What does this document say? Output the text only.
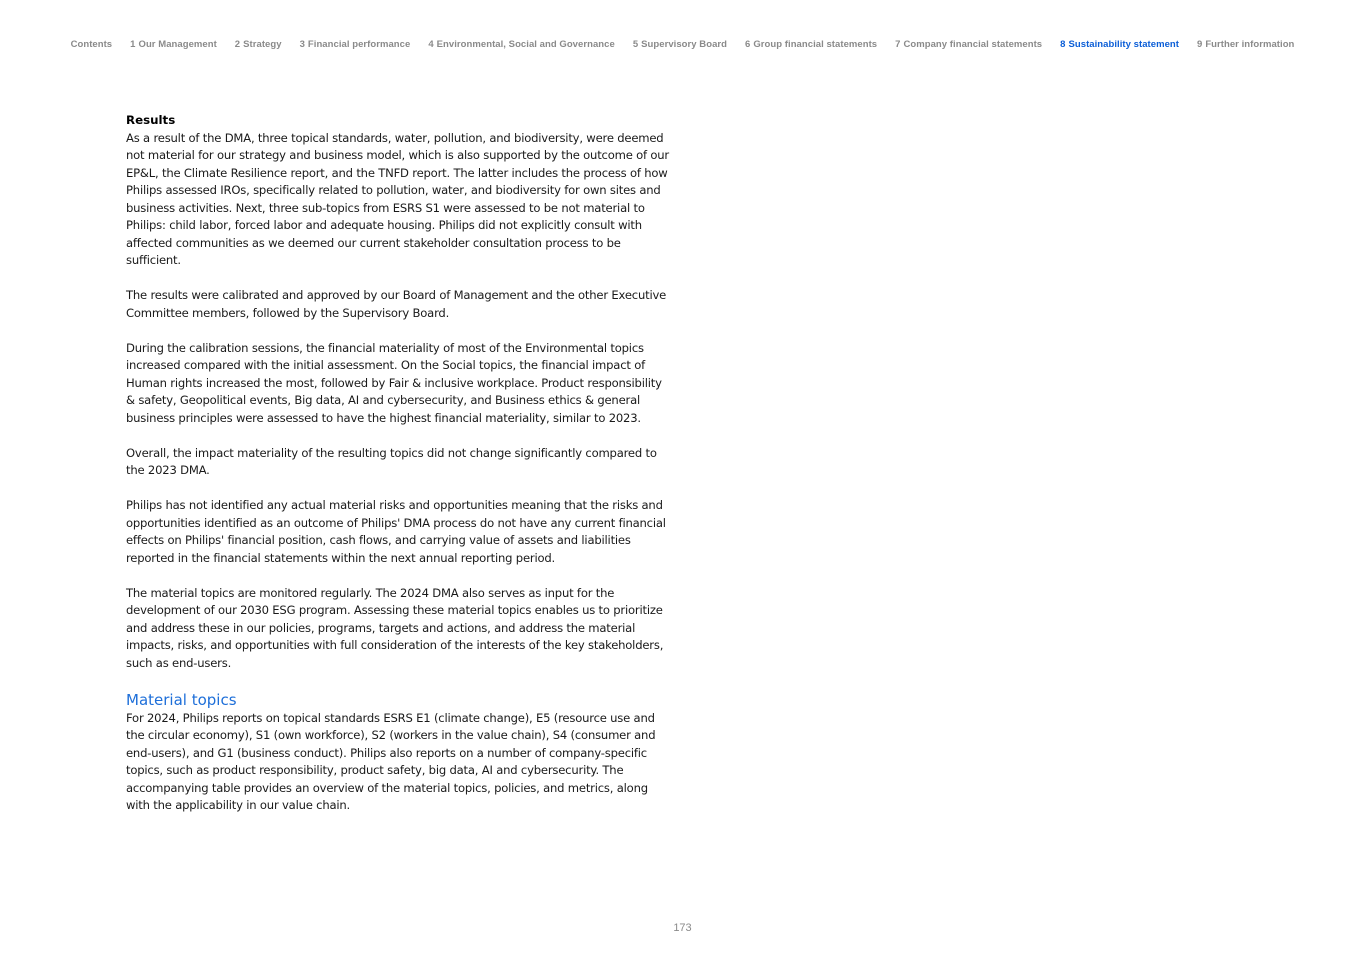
Contents 1 Our Management 2 Strategy 3 Financial performance 4 Environmental, Social and Governance 5 Supervisory Board 6 Group financial statements 7 Company financial statements 8 Sustainability statement 9 Further information
Results

As a result of the DMA, three topical standards, water, pollution, and biodiversity, were deemed not material for our strategy and business model, which is also supported by the outcome of our EP&L, the Climate Resilience report, and the TNFD report. The latter includes the process of how Philips assessed IROs, specifically related to pollution, water, and biodiversity for own sites and business activities. Next, three sub-topics from ESRS S1 were assessed to be not material to Philips: child labor, forced labor and adequate housing. Philips did not explicitly consult with affected communities as we deemed our current stakeholder consultation process to be sufficient.

The results were calibrated and approved by our Board of Management and the other Executive Committee members, followed by the Supervisory Board.

During the calibration sessions, the financial materiality of most of the Environmental topics increased compared with the initial assessment. On the Social topics, the financial impact of Human rights increased the most, followed by Fair & inclusive workplace. Product responsibility & safety, Geopolitical events, Big data, AI and cybersecurity, and Business ethics & general business principles were assessed to have the highest financial materiality, similar to 2023.

Overall, the impact materiality of the resulting topics did not change significantly compared to the 2023 DMA.

Philips has not identified any actual material risks and opportunities meaning that the risks and opportunities identified as an outcome of Philips' DMA process do not have any current financial effects on Philips' financial position, cash flows, and carrying value of assets and liabilities reported in the financial statements within the next annual reporting period.

The material topics are monitored regularly. The 2024 DMA also serves as input for the development of our 2030 ESG program. Assessing these material topics enables us to prioritize and address these in our policies, programs, targets and actions, and address the material impacts, risks, and opportunities with full consideration of the interests of the key stakeholders, such as end-users.

Material topics

For 2024, Philips reports on topical standards ESRS E1 (climate change), E5 (resource use and the circular economy), S1 (own workforce), S2 (workers in the value chain), S4 (consumer and end-users), and G1 (business conduct). Philips also reports on a number of company-specific topics, such as product responsibility, product safety, big data, AI and cybersecurity. The accompanying table provides an overview of the material topics, policies, and metrics, along with the applicability in our value chain.

173
